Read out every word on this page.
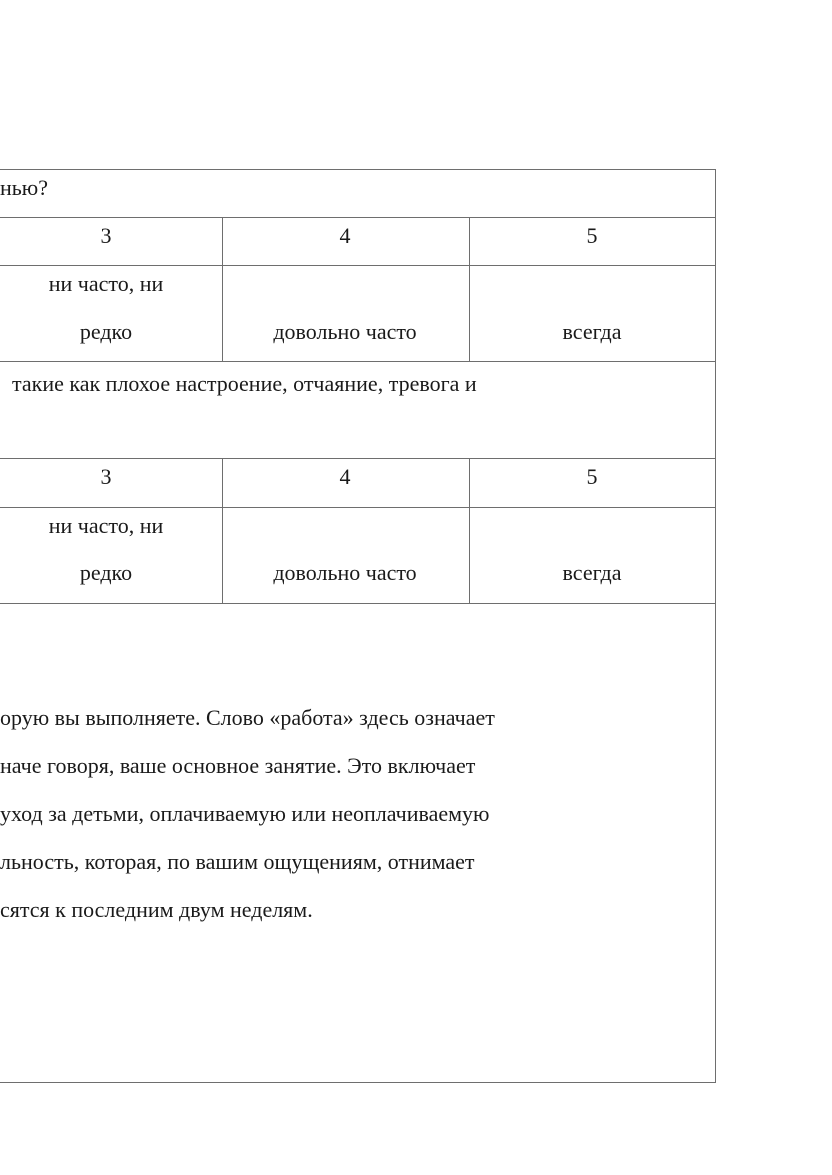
нью?
3	4	5
ни часто, ни
редко	довольно часто	всегда
такие как плохое настроение, отчаяние, тревога и
3	4	5
ни часто, ни
редко	довольно часто	всегда
орую вы выполняете. Слово «работа» здесь означает
наче говоря, ваше основное занятие. Это включает
уход за детьми, оплачиваемую или неоплачиваемую
льность, которая, по вашим ощущениям, отнимает
сятся к последним двум неделям.
